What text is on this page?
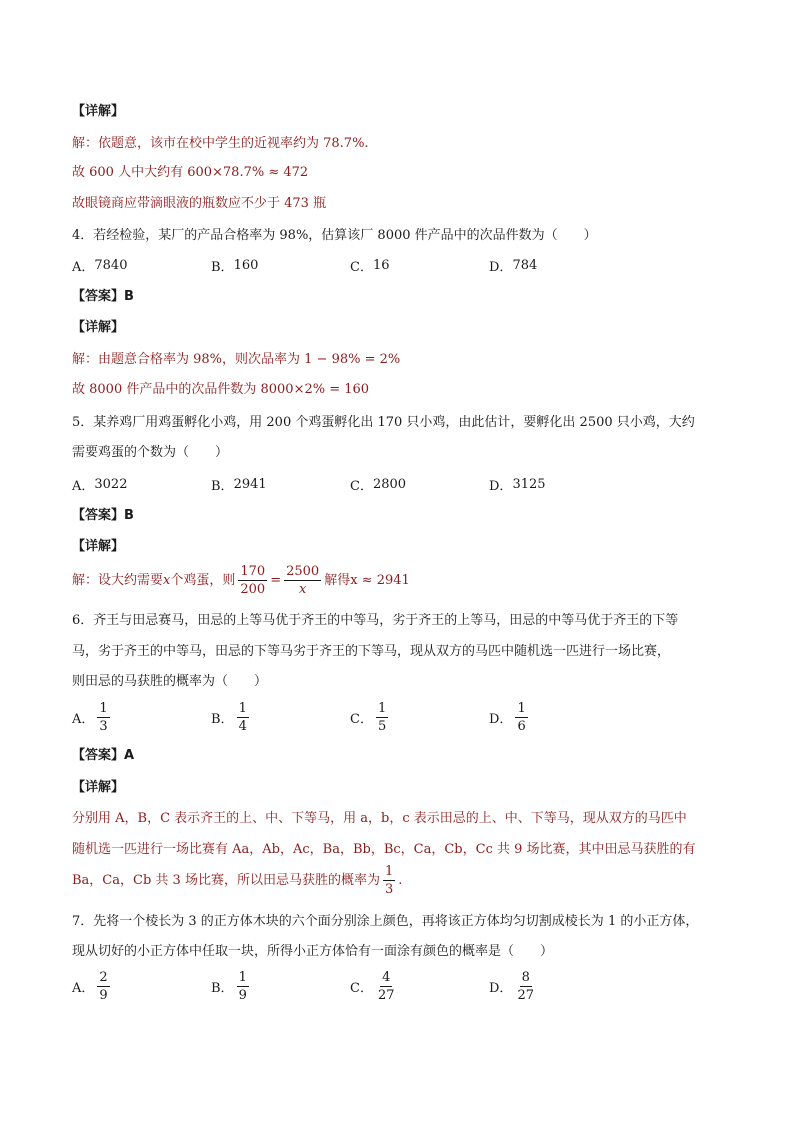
【详解】
解：依题意，该市在校中学生的近视率约为 78.7%.
故 600 人中大约有 600×78.7% ≈ 472
故眼镜商应带滴眼液的瓶数应不少于 473 瓶
4．若经检验，某厂的产品合格率为 98%，估算该厂 8000 件产品中的次品件数为（　　）
A． 7840	B． 160	C． 16	D． 784
【答案】B
【详解】
解：由题意合格率为 98%，则次品率为 1 − 98% = 2%
故 8000 件产品中的次品件数为 8000×2% = 160
5．某养鸡厂用鸡蛋孵化小鸡，用 200 个鸡蛋孵化出 170 只小鸡，由此估计，要孵化出 2500 只小鸡，大约
需要鸡蛋的个数为（　　）
A． 3022	B． 2941	C． 2800	D． 3125
【答案】B
【详解】
解：设大约需要 x 个鸡蛋，则 $\frac{170}{200} = \frac{2500}{x}$ 解得 x ≈ 2941
6．齐王与田忌赛马，田忌的上等马优于齐王的中等马，劣于齐王的上等马，田忌的中等马优于齐王的下等
马，劣于齐王的中等马，田忌的下等马劣于齐王的下等马，现从双方的马匹中随机选一匹进行一场比赛，
则田忌的马获胜的概率为（　　）
A． $\frac{1}{3}$	B． $\frac{1}{4}$	C． $\frac{1}{5}$	D． $\frac{1}{6}$
【答案】A
【详解】
分别用 A，B，C 表示齐王的上、中、下等马，用 a，b，c 表示田忌的上、中、下等马，现从双方的马匹中
随机选一匹进行一场比赛有 Aa，Ab，Ac，Ba，Bb，Bc，Ca，Cb，Cc 共 9 场比赛，其中田忌马获胜的有
Ba，Ca，Cb 共 3 场比赛，所以田忌马获胜的概率为 $\frac{1}{3}$ .
7．先将一个棱长为 3 的正方体木块的六个面分别涂上颜色，再将该正方体均匀切割成棱长为 1 的小正方体，
现从切好的小正方体中任取一块，所得小正方体恰有一面涂有颜色的概率是（　　）
A． $\frac{2}{9}$	B． $\frac{1}{9}$	C． $\frac{4}{27}$	D． $\frac{8}{27}$
